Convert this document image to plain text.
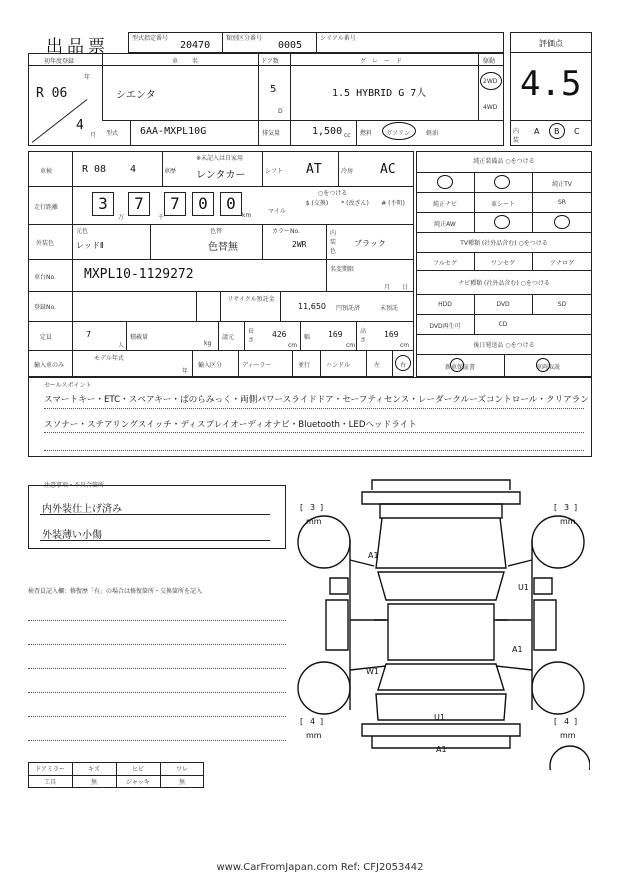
出品票	型式指定番号
20470
類別区分番号
0005
シリアル番号
評価点
4.5
内装
A B C
初年度登録
R 06
年
4
月
車名
シエンタ
ドア数
5
D
グレード
1.5 HYBRID G 7人
駆動
2WD
4WD
型式 6AA-MXPL10G	排気量	1,500 cc 燃料 ガソリン	軽油
車検	R 08 4	車歴
※未記入は自家用
レンタカー	シフト AT	冷房 AC
走行距離	3	7	7	0	0
万	千	km
○をつける
マイル
$ (交換)	* (改ざん)	# (不明)
外装色
元色
レッドⅡ
色替
色替無
カラーNo.
2WR
内装色
ブラック
車台No. MXPL10-1129272	名変期限
月 日
登録No.
リサイクル預託金
11,650 円預託済	未預託
定員	7
人
積載量
kg
請元
長さ
426
cm
幅 169
cm
高さ
169
cm
輸入車のみ
モデル年式
年
輸入区分	ディーラー	並行	ハンドル	左	右
純正装備品 ○をつける
純正TV
純正ナビ	革シート	SR
純正AW
TV種類 (社外品含む) ○をつける
フルセグ	ワンセグ	アナログ
ナビ種類 (社外品含む) ○をつける
HDD	DVD	SD
DVD再生可	CD
後日発送品 ○をつける
新車保証書	車両取説
セールスポイント
スマートキー・ETC・スペアキー・ぱのらみっく・両側パワースライドドア・セーフティセンス・レーダークルーズコントロール・クリアラン
スソナー・ステアリングスイッチ・ディスプレイオーディオナビ・Bluetooth・LEDヘッドライト
注意事項・不具合箇所
内外装仕上げ済み
外装薄い小傷
検査員記入欄：修復歴「有」の場合は修復箇所・交換箇所を記入
ドアミラー	キズ	ヒビ	ワレ
工具	無	ジャッキ	無
[ 3 ]
mm
[ 3 ]
mm
[ 4 ]
mm
[ 4 ]
mm
A1
U1
W1
A1
U1
A1
www.CarFromJapan.com Ref: CFJ2053442
